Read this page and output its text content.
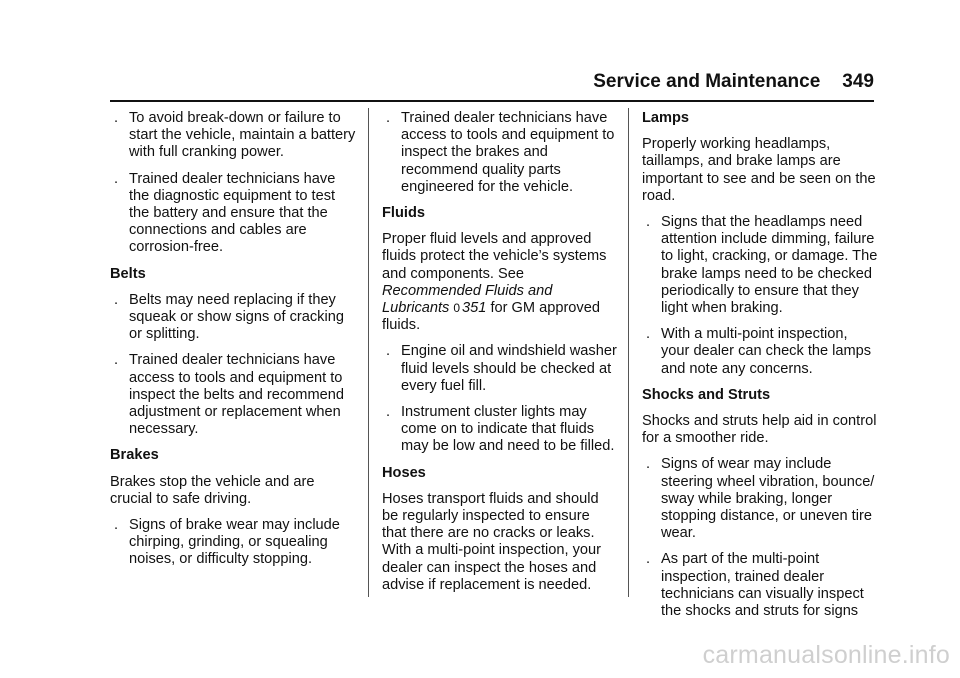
Service and Maintenance 349
. To avoid break-down or failure to start the vehicle, maintain a battery with full cranking power.
. Trained dealer technicians have the diagnostic equipment to test the battery and ensure that the connections and cables are corrosion-free.
Belts
. Belts may need replacing if they squeak or show signs of cracking or splitting.
. Trained dealer technicians have access to tools and equipment to inspect the belts and recommend adjustment or replacement when necessary.
Brakes
Brakes stop the vehicle and are crucial to safe driving.
. Signs of brake wear may include chirping, grinding, or squealing noises, or difficulty stopping.
. Trained dealer technicians have access to tools and equipment to inspect the brakes and recommend quality parts engineered for the vehicle.
Fluids
Proper fluid levels and approved fluids protect the vehicle’s systems and components. See Recommended Fluids and Lubricants 0 351 for GM approved fluids.
. Engine oil and windshield washer fluid levels should be checked at every fuel fill.
. Instrument cluster lights may come on to indicate that fluids may be low and need to be filled.
Hoses
Hoses transport fluids and should be regularly inspected to ensure that there are no cracks or leaks. With a multi-point inspection, your dealer can inspect the hoses and advise if replacement is needed.
Lamps
Properly working headlamps, taillamps, and brake lamps are important to see and be seen on the road.
. Signs that the headlamps need attention include dimming, failure to light, cracking, or damage. The brake lamps need to be checked periodically to ensure that they light when braking.
. With a multi-point inspection, your dealer can check the lamps and note any concerns.
Shocks and Struts
Shocks and struts help aid in control for a smoother ride.
. Signs of wear may include steering wheel vibration, bounce/ sway while braking, longer stopping distance, or uneven tire wear.
. As part of the multi-point inspection, trained dealer technicians can visually inspect the shocks and struts for signs
carmanualsonline.info
